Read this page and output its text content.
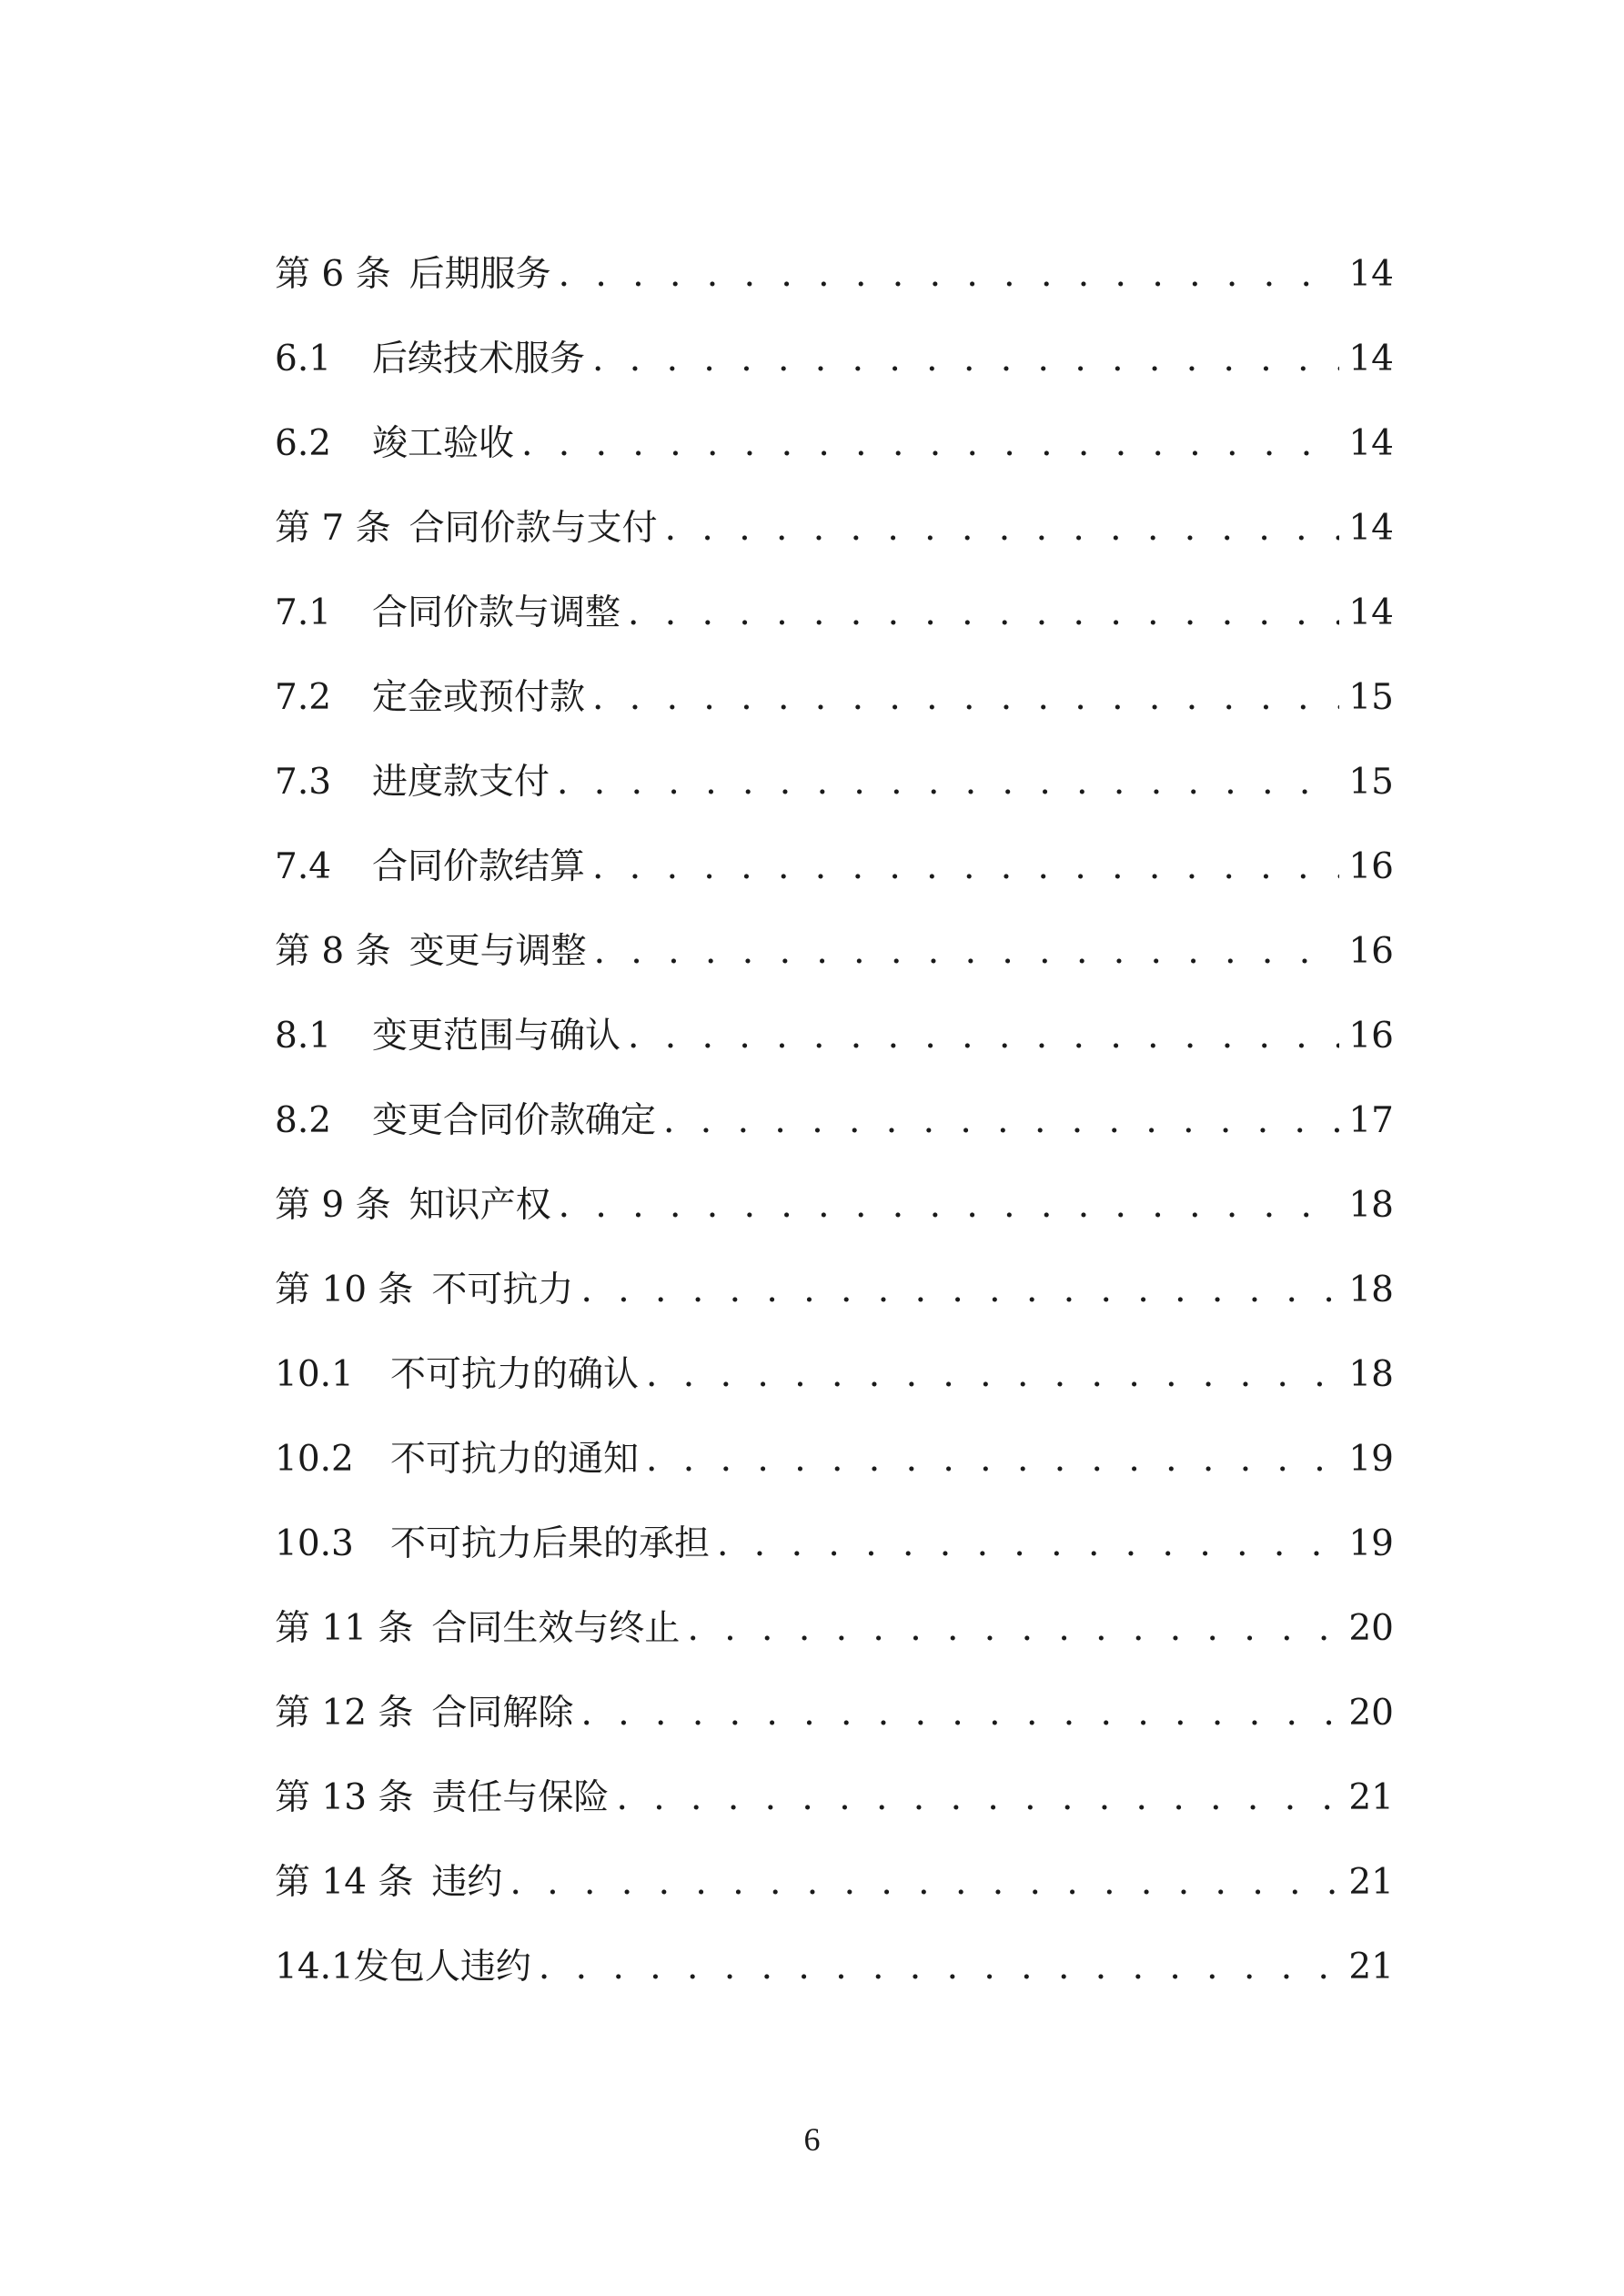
第 6 条 后期服务 . . .	14
6.1	后续技术服务 . . .	14
6.2	竣工验收 . . .	14
第 7 条 合同价款与支付 . . .	14
7.1	合同价款与调整 . . .	14
7.2	定金或预付款 . . .	15
7.3	进度款支付 . . .	15
7.4	合同价款结算 . . .	16
第 8 条 变更与调整 . . .	16
8.1	变更范围与确认 . . .	16
8.2	变更合同价款确定 . . .	17
第 9 条 知识产权 . . .	18
第 10 条 不可抗力 . . .	18
10.1	不可抗力的确认 . . .	18
10.2	不可抗力的通知 . . .	19
10.3	不可抗力后果的承担 . . .	19
第 11 条 合同生效与终止 . . .	20
第 12 条 合同解除 . . .	20
第 13 条 责任与保险 . . .	21
第 14 条 违约 . . .	21
14.1 发包人违约 . . .	21
6
